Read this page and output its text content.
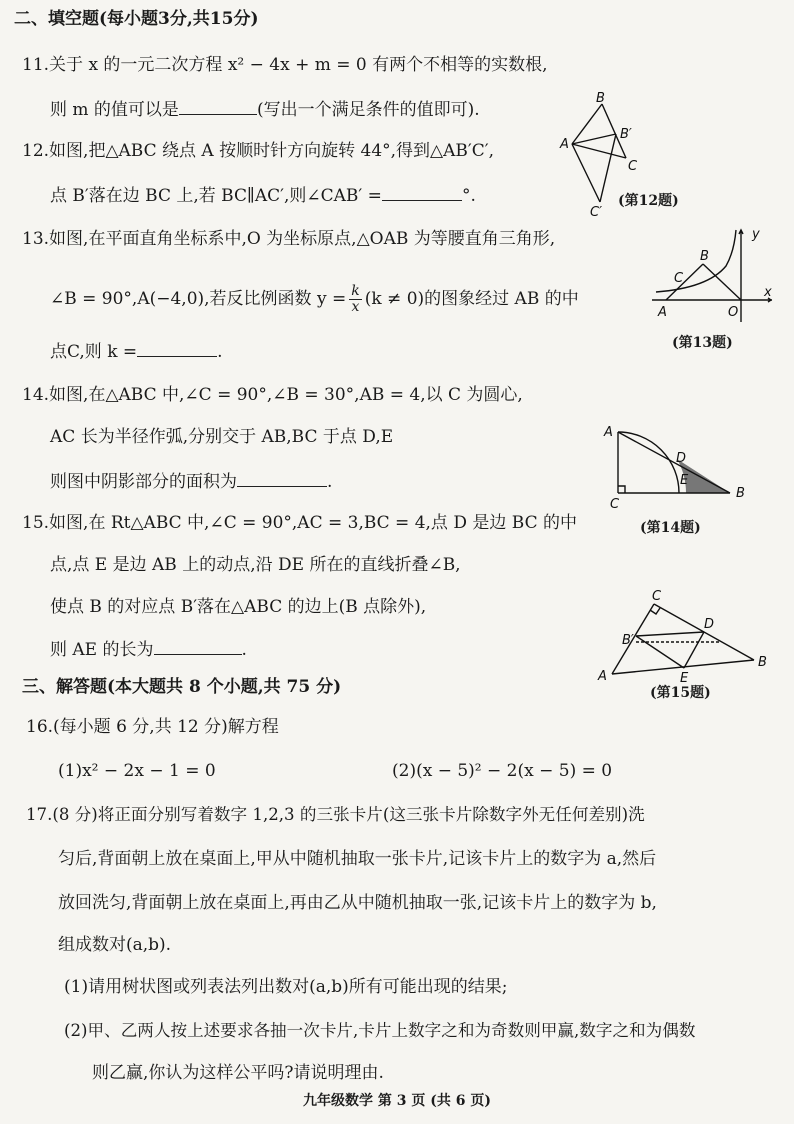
二、填空题(每小题3分,共15分)
11.关于 x 的一元二次方程 x² − 4x + m = 0 有两个不相等的实数根,
则 m 的值可以是	(写出一个满足条件的值即可).
12.如图,把△ABC 绕点 A 按顺时针方向旋转 44°,得到△AB′C′,
点 B′落在边 BC 上,若 BC∥AC′,则∠CAB′ =	°.
A
B
B′
C
C′
(第12题)
13.如图,在平面直角坐标系中,O 为坐标原点,△OAB 为等腰直角三角形,
∠B = 90°,A(−4,0),若反比例函数 $y = \frac{k}{x} (k \ne 0)$的图象经过 AB 的中
点C,则 k =	.
y
x
B
C
A	O
(第13题)
14.如图,在△ABC 中,∠C = 90°,∠B = 30°,AB = 4,以 C 为圆心,
AC 长为半径作弧,分别交于 AB,BC 于点 D,E
则图中阴影部分的面积为	.
A
D
E
C
B
(第14题)
15.如图,在 Rt△ABC 中,∠C = 90°,AC = 3,BC = 4,点 D 是边 BC 的中
点,点 E 是边 AB 上的动点,沿 DE 所在的直线折叠∠B,
使点 B 的对应点 B′落在△ABC 的边上(B 点除外),
则 AE 的长为	.
C
D
B′
A	E
B
(第15题)
三、解答题(本大题共 8 个小题,共 75 分)
16.(每小题 6 分,共 12 分)解方程
(1)x² − 2x − 1 = 0	(2)(x − 5)² − 2(x − 5) = 0
17.(8 分)将正面分别写着数字 1,2,3 的三张卡片(这三张卡片除数字外无任何差别)洗
匀后,背面朝上放在桌面上,甲从中随机抽取一张卡片,记该卡片上的数字为 a,然后
放回洗匀,背面朝上放在桌面上,再由乙从中随机抽取一张,记该卡片上的数字为 b,
组成数对(a,b).
(1)请用树状图或列表法列出数对(a,b)所有可能出现的结果;
(2)甲、乙两人按上述要求各抽一次卡片,卡片上数字之和为奇数则甲赢,数字之和为偶数
则乙赢,你认为这样公平吗?请说明理由.
九年级数学 第 3 页 (共 6 页)
